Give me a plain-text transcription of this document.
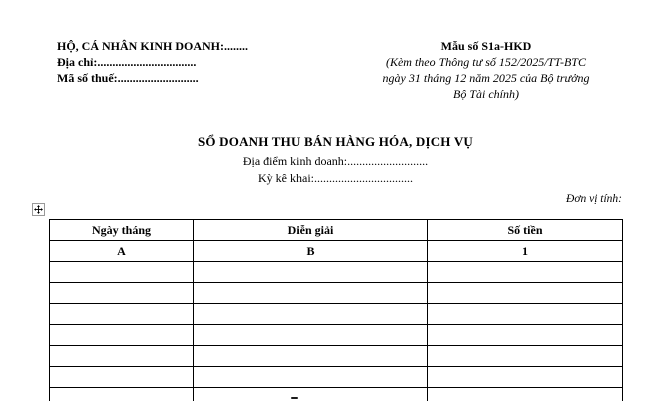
HỘ, CÁ NHÂN KINH DOANH:........
Địa chỉ:.................................
Mã số thuế:...........................
Mẫu số S1a-HKD
(Kèm theo Thông tư số 152/2025/TT-BTC
ngày 31 tháng 12 năm 2025 của Bộ trưởng
Bộ Tài chính)
SỔ DOANH THU BÁN HÀNG HÓA, DỊCH VỤ
Địa điểm kinh doanh:...........................
Kỳ kê khai:.................................
Đơn vị tính:
Ngày tháng	Diễn giải	Số tiền
A	B	1
